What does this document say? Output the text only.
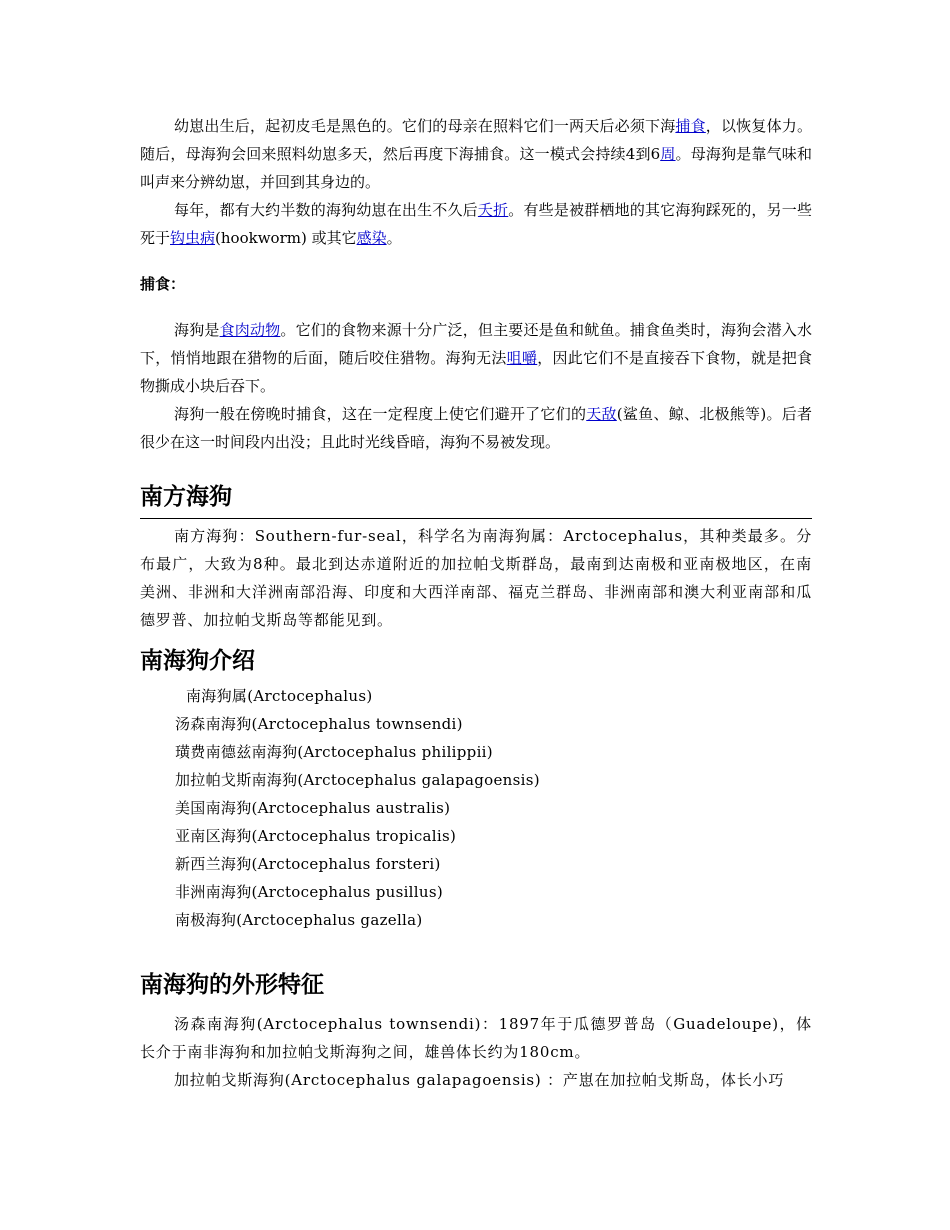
幼崽出生后，起初皮毛是黑色的。它们的母亲在照料它们一两天后必须下海捕食，以恢复体力。随后，母海狗会回来照料幼崽多天，然后再度下海捕食。这一模式会持续4到6周。母海狗是靠气味和叫声来分辨幼崽，并回到其身边的。

每年，都有大约半数的海狗幼崽在出生不久后夭折。有些是被群栖地的其它海狗踩死的，另一些死于钩虫病(hookworm) 或其它感染。

捕食：

海狗是食肉动物。它们的食物来源十分广泛，但主要还是鱼和鱿鱼。捕食鱼类时，海狗会潜入水下，悄悄地跟在猎物的后面，随后咬住猎物。海狗无法咀嚼，因此它们不是直接吞下食物，就是把食物撕成小块后吞下。

海狗一般在傍晚时捕食，这在一定程度上使它们避开了它们的天敌(鲨鱼、鲸、北极熊等)。后者很少在这一时间段内出没；且此时光线昏暗，海狗不易被发现。

南方海狗

南方海狗：Southern-fur-seal，科学名为南海狗属：Arctocephalus，其种类最多。分布最广，大致为8种。最北到达赤道附近的加拉帕戈斯群岛，最南到达南极和亚南极地区，在南美洲、非洲和大洋洲南部沿海、印度和大西洋南部、福克兰群岛、非洲南部和澳大利亚南部和瓜德罗普、加拉帕戈斯岛等都能见到。

南海狗介绍

南海狗属(Arctocephalus)

汤森南海狗(Arctocephalus townsendi)

璜费南德兹南海狗(Arctocephalus philippii)

加拉帕戈斯南海狗(Arctocephalus galapagoensis)

美国南海狗(Arctocephalus australis)

亚南区海狗(Arctocephalus tropicalis)

新西兰海狗(Arctocephalus forsteri)

非洲南海狗(Arctocephalus pusillus)

南极海狗(Arctocephalus gazella)

南海狗的外形特征

汤森南海狗(Arctocephalus townsendi)：1897年于瓜德罗普岛（Guadeloupe)，体长介于南非海狗和加拉帕戈斯海狗之间，雄兽体长约为180cm。

加拉帕戈斯海狗(Arctocephalus galapagoensis) ：产崽在加拉帕戈斯岛，体长小巧
